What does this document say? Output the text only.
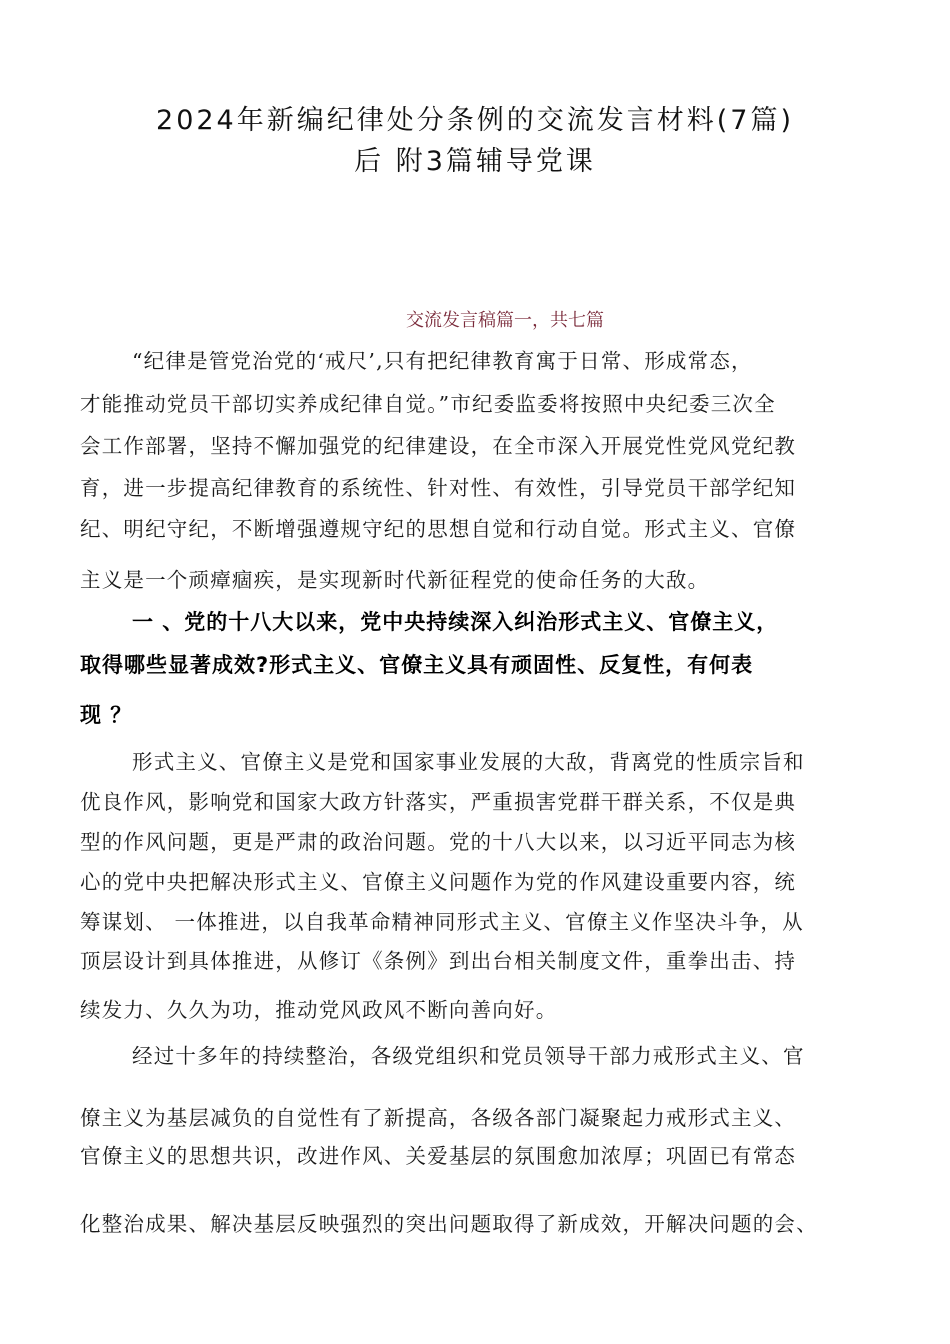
2024年新编纪律处分条例的交流发言材料(7篇)
后 附3篇辅导党课
交流发言稿篇一，共七篇
“纪律是管党治党的‘戒尺’,只有把纪律教育寓于日常、形成常态，
才能推动党员干部切实养成纪律自觉。”市纪委监委将按照中央纪委三次全
会工作部署，坚持不懈加强党的纪律建设，在全市深入开展党性党风党纪教
育，进一步提高纪律教育的系统性、针对性、有效性，引导党员干部学纪知
纪、明纪守纪，不断增强遵规守纪的思想自觉和行动自觉。形式主义、官僚
主义是一个顽瘴痼疾，是实现新时代新征程党的使命任务的大敌。
一 、党的十八大以来，党中央持续深入纠治形式主义、官僚主义，
取得哪些显著成效?形式主义、官僚主义具有顽固性、反复性，有何表
现 ？
形式主义、官僚主义是党和国家事业发展的大敌，背离党的性质宗旨和
优良作风，影响党和国家大政方针落实，严重损害党群干群关系，不仅是典
型的作风问题，更是严肃的政治问题。党的十八大以来，以习近平同志为核
心的党中央把解决形式主义、官僚主义问题作为党的作风建设重要内容，统
筹谋划、 一体推进，以自我革命精神同形式主义、官僚主义作坚决斗争，从
顶层设计到具体推进，从修订《条例》到出台相关制度文件，重拳出击、持
续发力、久久为功，推动党风政风不断向善向好。
经过十多年的持续整治，各级党组织和党员领导干部力戒形式主义、官
僚主义为基层减负的自觉性有了新提高，各级各部门凝聚起力戒形式主义、
官僚主义的思想共识，改进作风、关爱基层的氛围愈加浓厚；巩固已有常态
化整治成果、解决基层反映强烈的突出问题取得了新成效，开解决问题的会、
